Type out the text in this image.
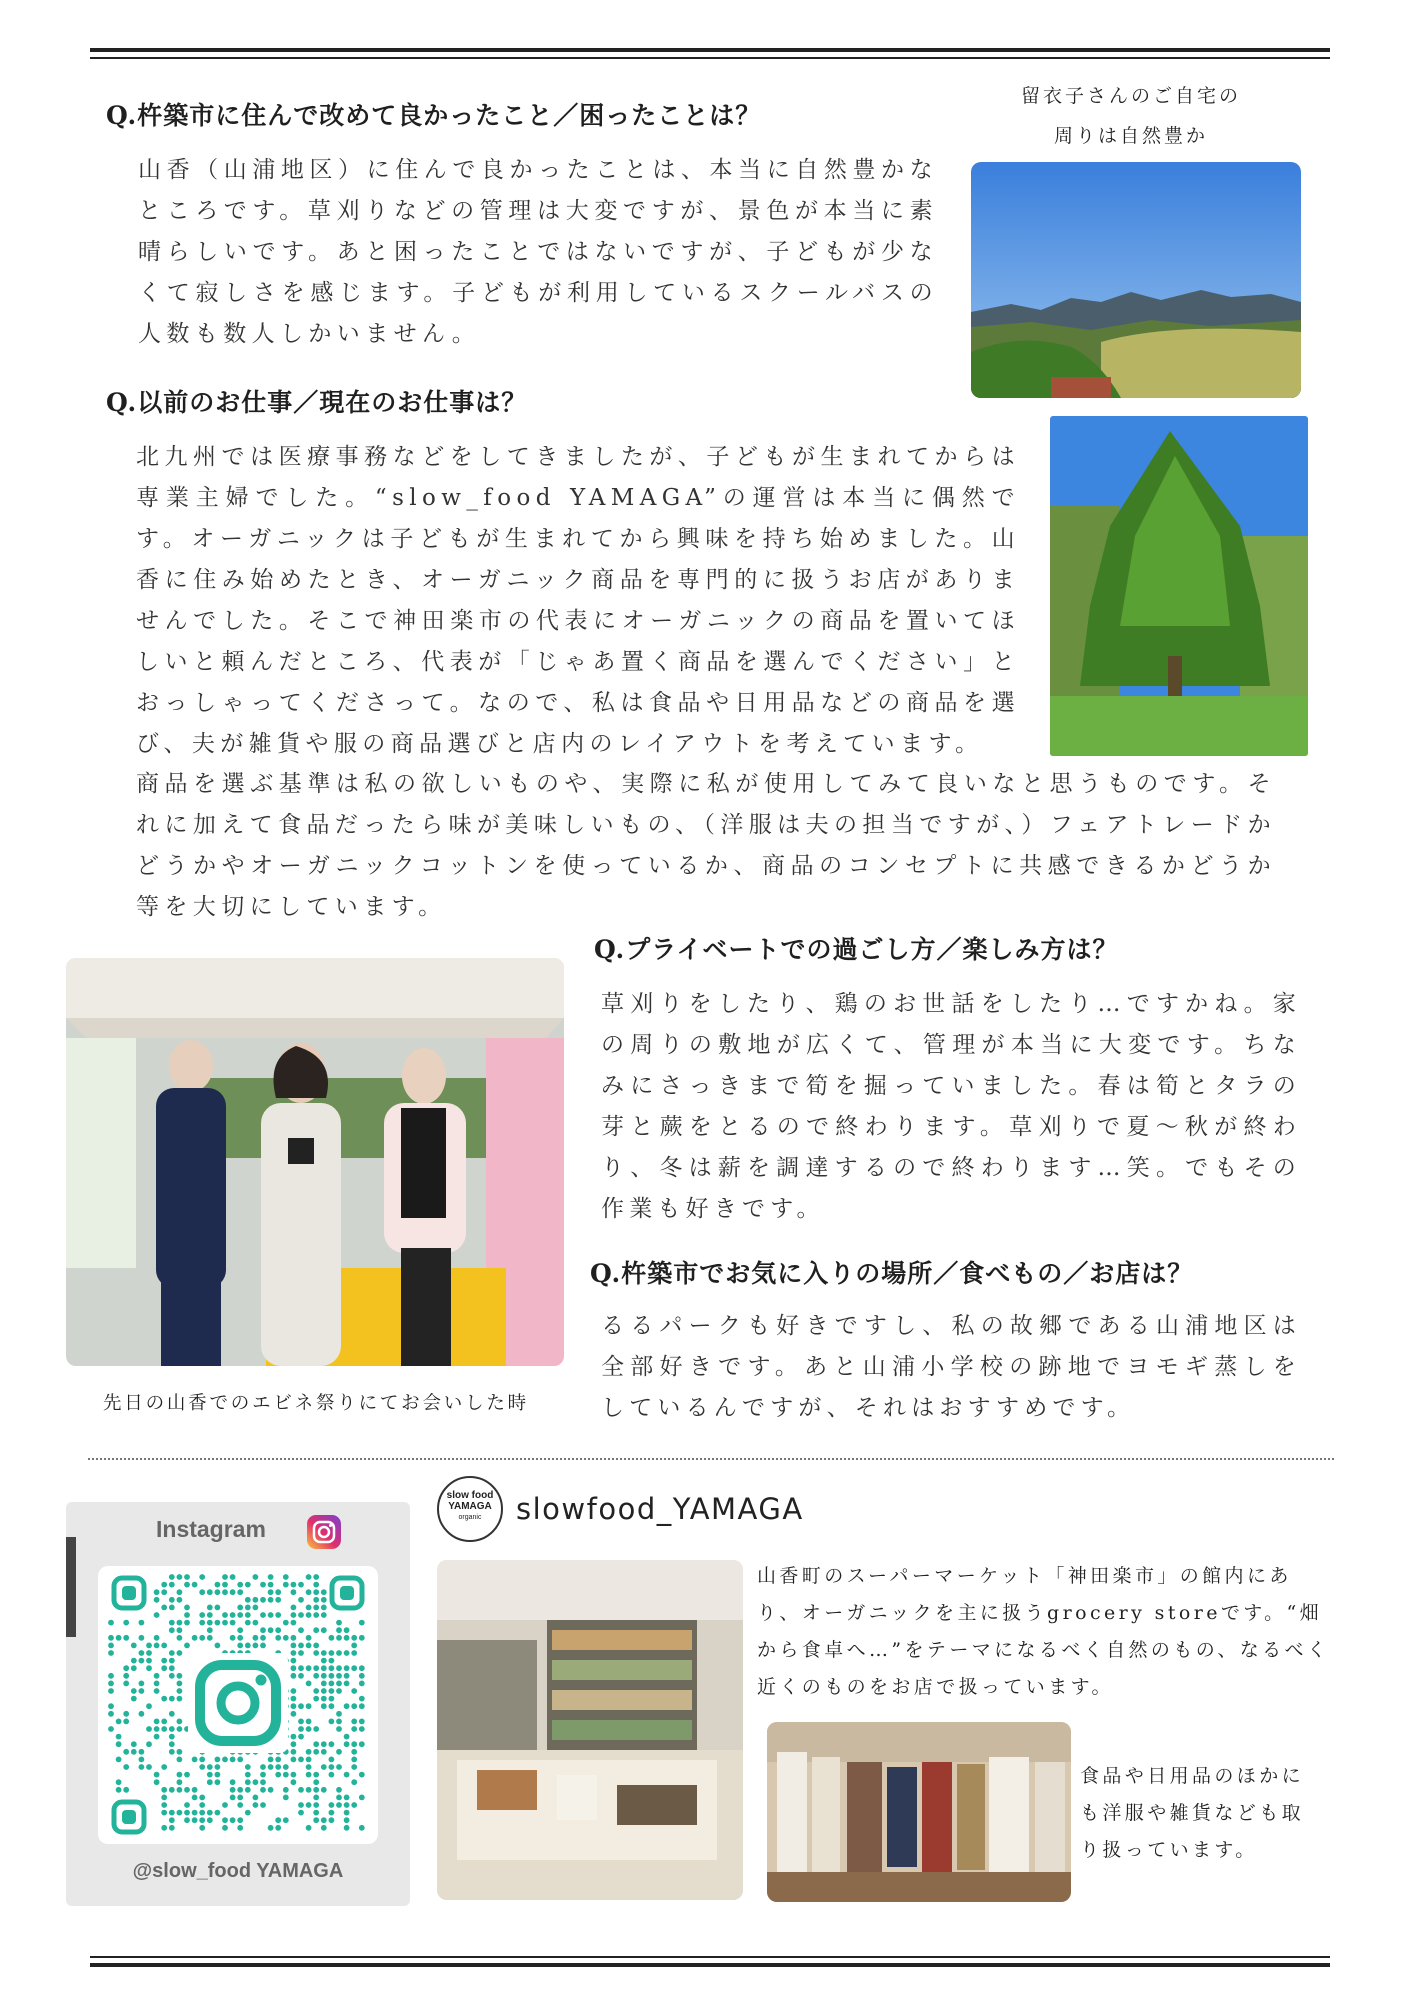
Q.杵築市に住んで改めて良かったこと／困ったことは？

山香（山浦地区）に住んで良かったことは、本当に自然豊かなところです。草刈りなどの管理は大変ですが、景色が本当に素晴らしいです。あと困ったことではないですが、子どもが少なくて寂しさを感じます。子どもが利用しているスクールバスの人数も数人しかいません。

留衣子さんのご自宅の
周りは自然豊か
Q.以前のお仕事／現在のお仕事は？

北九州では医療事務などをしてきましたが、子どもが生まれてからは専業主婦でした。“slow_food YAMAGA”の運営は本当に偶然です。オーガニックは子どもが生まれてから興味を持ち始めました。山香に住み始めたとき、オーガニック商品を専門的に扱うお店がありませんでした。そこで神田楽市の代表にオーガニックの商品を置いてほしいと頼んだところ、代表が「じゃあ置く商品を選んでください」とおっしゃってくださって。なので、私は食品や日用品などの商品を選び、夫が雑貨や服の商品選びと店内のレイアウトを考えています。

商品を選ぶ基準は私の欲しいものや、実際に私が使用してみて良いなと思うものです。それに加えて食品だったら味が美味しいもの、（洋服は夫の担当ですが、）フェアトレードかどうかやオーガニックコットンを使っているか、商品のコンセプトに共感できるかどうか等を大切にしています。

先日の山香でのエビネ祭りにてお会いした時
Q.プライベートでの過ごし方／楽しみ方は？

草刈りをしたり、鶏のお世話をしたり…ですかね。家の周りの敷地が広くて、管理が本当に大変です。ちなみにさっきまで筍を掘っていました。春は筍とタラの芽と蕨をとるので終わります。草刈りで夏〜秋が終わり、冬は薪を調達するので終わります…笑。でもその作業も好きです。

Q.杵築市でお気に入りの場所／食べもの／お店は？

るるパークも好きですし、私の故郷である山浦地区は全部好きです。あと山浦小学校の跡地でヨモギ蒸しをしているんですが、それはおすすめです。

Instagram
@slow_food YAMAGA
slow food
YAMAGA
organic	slowfood_YAMAGA
山香町のスーパーマーケット「神田楽市」の館内にあり、オーガニックを主に扱うgrocery storeです。“畑から食卓へ…”をテーマになるべく自然のもの、なるべく近くのものをお店で扱っています。
食品や日用品のほかにも洋服や雑貨なども取り扱っています。
